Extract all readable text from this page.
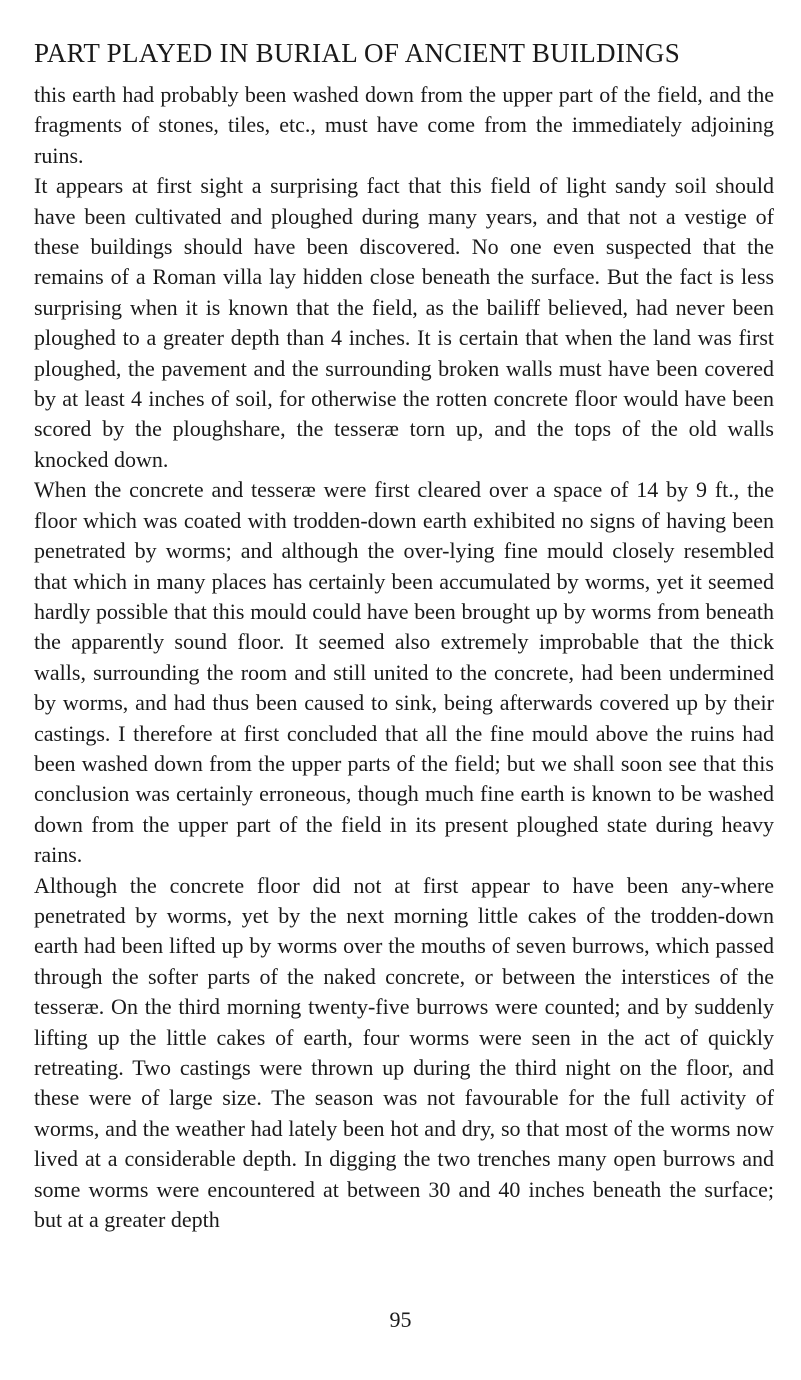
PART PLAYED IN BURIAL OF ANCIENT BUILDINGS

this earth had probably been washed down from the upper part of the field, and the fragments of stones, tiles, etc., must have come from the immediately adjoining ruins.

It appears at first sight a surprising fact that this field of light sandy soil should have been cultivated and ploughed during many years, and that not a vestige of these buildings should have been discovered. No one even suspected that the remains of a Roman villa lay hidden close beneath the surface. But the fact is less surprising when it is known that the field, as the bailiff believed, had never been ploughed to a greater depth than 4 inches. It is certain that when the land was first ploughed, the pavement and the surrounding broken walls must have been covered by at least 4 inches of soil, for otherwise the rotten concrete floor would have been scored by the ploughshare, the tesseræ torn up, and the tops of the old walls knocked down.

When the concrete and tesseræ were first cleared over a space of 14 by 9 ft., the floor which was coated with trodden-down earth exhibited no signs of having been penetrated by worms; and although the over-lying fine mould closely resembled that which in many places has certainly been accumulated by worms, yet it seemed hardly possible that this mould could have been brought up by worms from beneath the apparently sound floor. It seemed also extremely improbable that the thick walls, surrounding the room and still united to the concrete, had been undermined by worms, and had thus been caused to sink, being afterwards covered up by their castings. I therefore at first concluded that all the fine mould above the ruins had been washed down from the upper parts of the field; but we shall soon see that this conclusion was certainly erroneous, though much fine earth is known to be washed down from the upper part of the field in its present ploughed state during heavy rains.

Although the concrete floor did not at first appear to have been any-where penetrated by worms, yet by the next morning little cakes of the trodden-down earth had been lifted up by worms over the mouths of seven burrows, which passed through the softer parts of the naked concrete, or between the interstices of the tesseræ. On the third morning twenty-five burrows were counted; and by suddenly lifting up the little cakes of earth, four worms were seen in the act of quickly retreating. Two castings were thrown up during the third night on the floor, and these were of large size. The season was not favourable for the full activity of worms, and the weather had lately been hot and dry, so that most of the worms now lived at a considerable depth. In digging the two trenches many open burrows and some worms were encountered at between 30 and 40 inches beneath the surface; but at a greater depth

95
